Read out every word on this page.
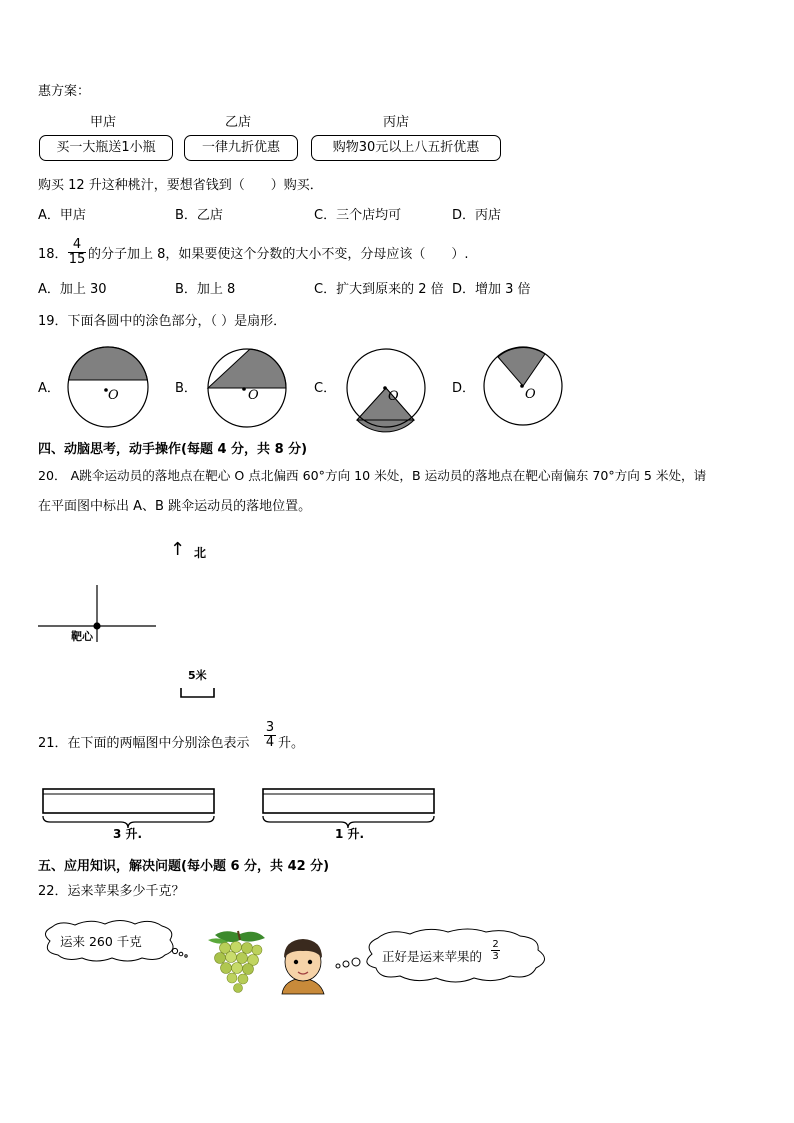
惠方案：
甲店	乙店	丙店
买一大瓶送1小瓶	一律九折优惠	购物30元以上八五折优惠
购买 12 升这种桃汁，要想省钱到（　　）购买．
A．甲店	B．乙店	C．三个店均可	D．丙店
18． $\frac{4}{15}$ 的分子加上 8，如果要使这个分数的大小不变，分母应该（　　）.
A．加上 30	B．加上 8	C．扩大到原来的 2 倍 D．增加 3 倍
19．下面各圆中的涂色部分，（ ）是扇形．
A．	B．	C．	D．
O	O	O	O
四、动脑思考，动手操作(每题 4 分，共 8 分)
20． A跳伞运动员的落地点在靶心 O 点北偏西 60°方向 10 米处，B 运动员的落地点在靶心南偏东 70°方向 5 米处，请
在平面图中标出 A、B 跳伞运动员的落地位置。
↑ 北
靶心
5米
21．在下面的两幅图中分别涂色表示 $\frac{3}{4}$ 升。
3 升.	1 升.
五、应用知识，解决问题(每小题 6 分，共 42 分)
22．运来苹果多少千克？
运来 260 千克
正好是运来苹果的 $\frac{2}{3}$
